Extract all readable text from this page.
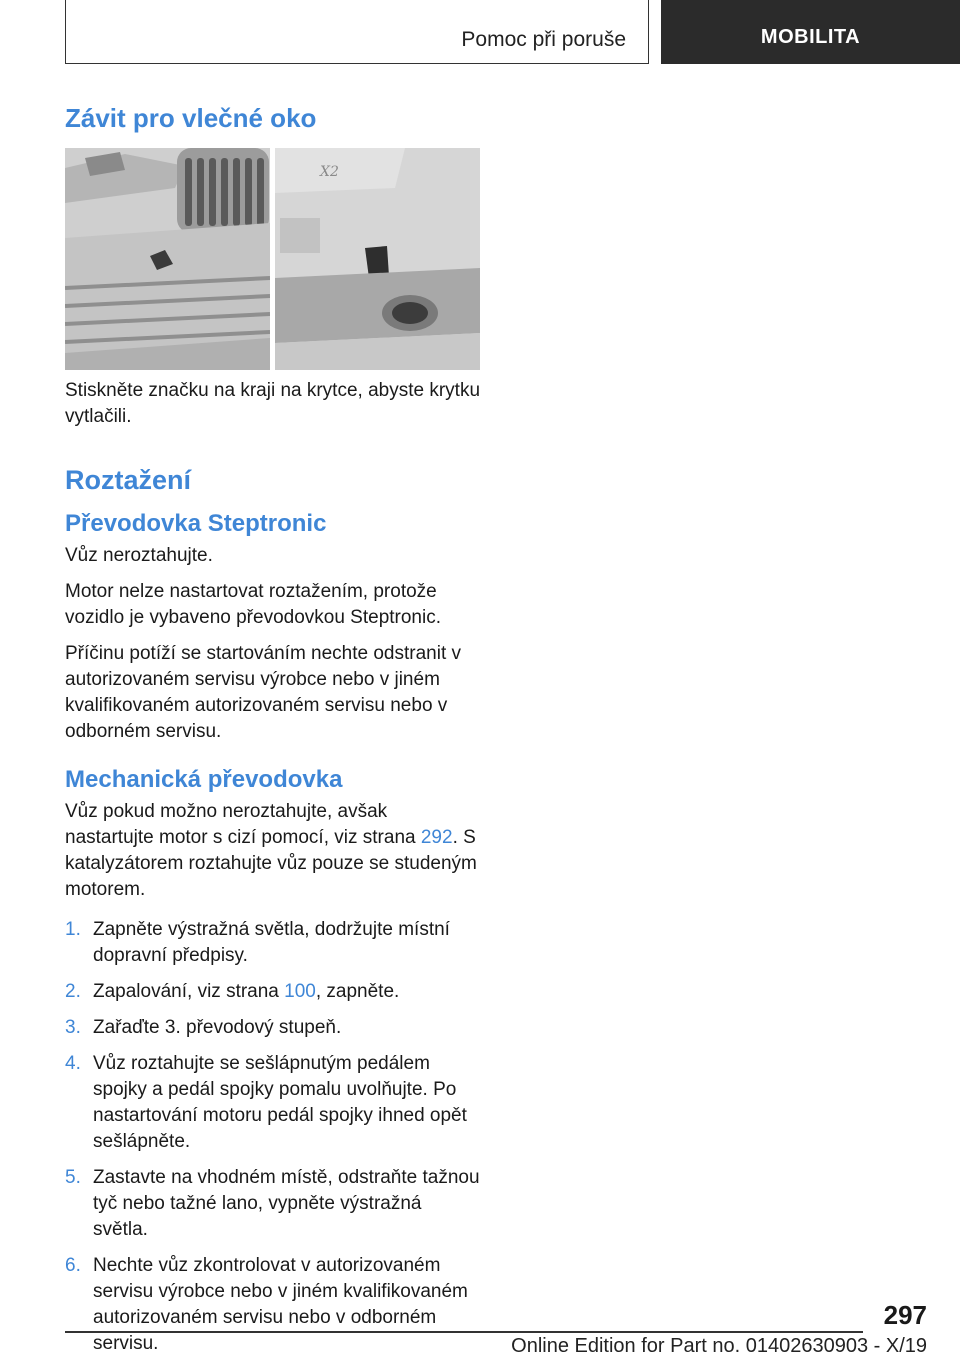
Pomoc při poruše	MOBILITA
Závit pro vlečné oko
X2

Stiskněte značku na kraji na krytce, abyste krytku vytlačili.

Roztažení
Převodovka Steptronic

Vůz neroztahujte.

Motor nelze nastartovat roztažením, protože vozidlo je vybaveno převodovkou Steptronic.

Příčinu potíží se startováním nechte odstranit v autorizovaném servisu výrobce nebo v jiném kvalifikovaném autorizovaném servisu nebo v odborném servisu.

Mechanická převodovka

Vůz pokud možno neroztahujte, avšak nastartujte motor s cizí pomocí, viz strana 292. S katalyzátorem roztahujte vůz pouze se studeným motorem.

1. Zapněte výstražná světla, dodržujte místní dopravní předpisy.
2. Zapalování, viz strana 100, zapněte.
3. Zařaďte 3. převodový stupeň.
4. Vůz roztahujte se sešlápnutým pedálem spojky a pedál spojky pomalu uvolňujte. Po nastartování motoru pedál spojky ihned opět sešlápněte.
5. Zastavte na vhodném místě, odstraňte tažnou tyč nebo tažné lano, vypněte výstražná světla.
6. Nechte vůz zkontrolovat v autorizovaném servisu výrobce nebo v jiném kvalifikovaném autorizovaném servisu nebo v odborném servisu.
297
Online Edition for Part no. 01402630903 - X/19
